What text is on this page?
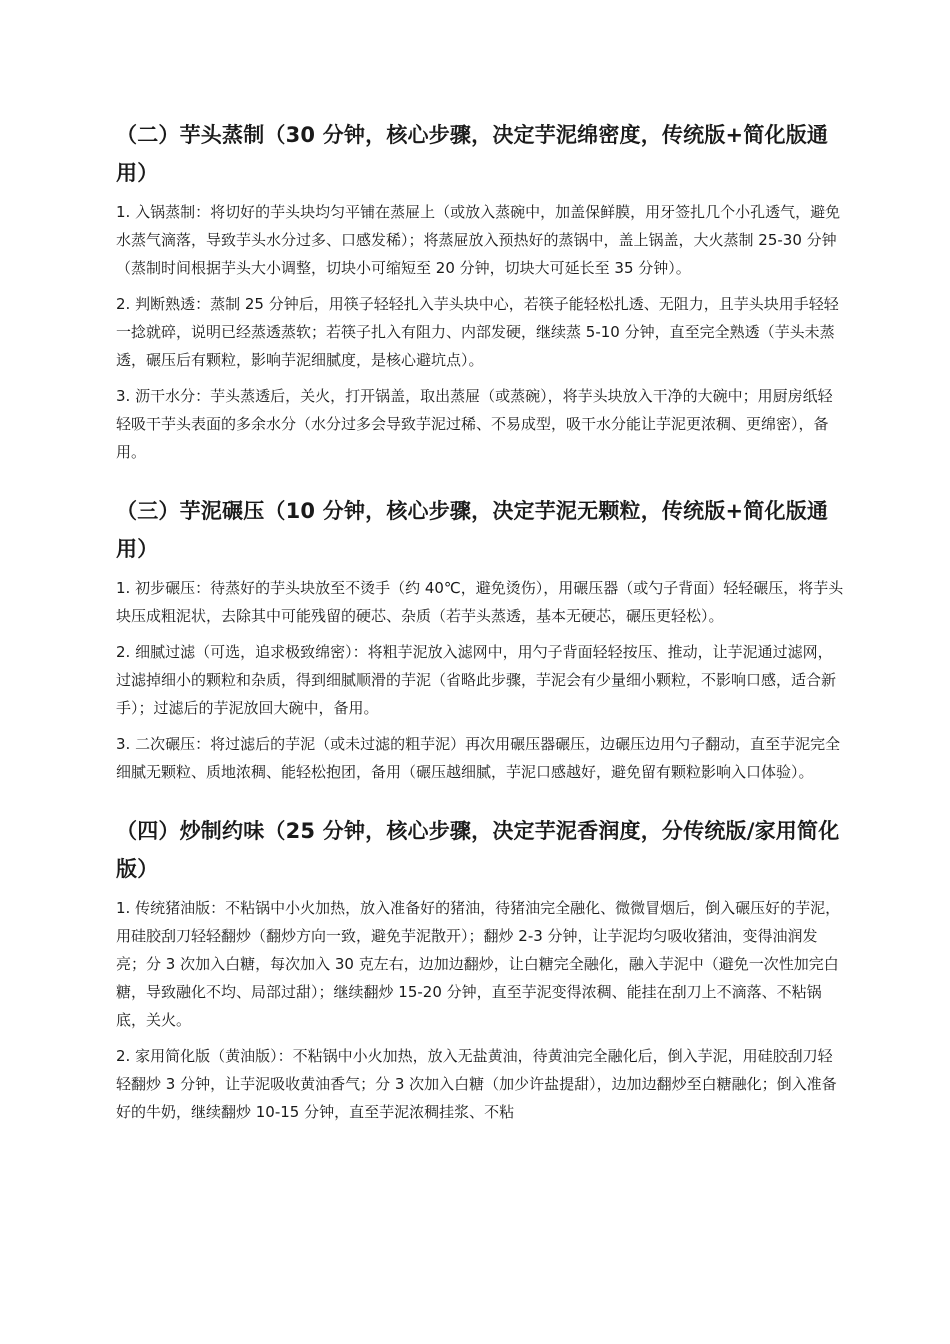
（二）芋头蒸制（30 分钟，核心步骤，决定芋泥绵密度，传统版+简化版通用）

1. 入锅蒸制：将切好的芋头块均匀平铺在蒸屉上（或放入蒸碗中，加盖保鲜膜，用牙签扎几个小孔透气，避免水蒸气滴落，导致芋头水分过多、口感发稀）；将蒸屉放入预热好的蒸锅中，盖上锅盖，大火蒸制 25-30 分钟（蒸制时间根据芋头大小调整，切块小可缩短至 20 分钟，切块大可延长至 35 分钟）。

2. 判断熟透：蒸制 25 分钟后，用筷子轻轻扎入芋头块中心，若筷子能轻松扎透、无阻力，且芋头块用手轻轻一捻就碎，说明已经蒸透蒸软；若筷子扎入有阻力、内部发硬，继续蒸 5-10 分钟，直至完全熟透（芋头未蒸透，碾压后有颗粒，影响芋泥细腻度，是核心避坑点）。

3. 沥干水分：芋头蒸透后，关火，打开锅盖，取出蒸屉（或蒸碗），将芋头块放入干净的大碗中；用厨房纸轻轻吸干芋头表面的多余水分（水分过多会导致芋泥过稀、不易成型，吸干水分能让芋泥更浓稠、更绵密），备用。

（三）芋泥碾压（10 分钟，核心步骤，决定芋泥无颗粒，传统版+简化版通用）

1. 初步碾压：待蒸好的芋头块放至不烫手（约 40℃，避免烫伤），用碾压器（或勺子背面）轻轻碾压，将芋头块压成粗泥状，去除其中可能残留的硬芯、杂质（若芋头蒸透，基本无硬芯，碾压更轻松）。

2. 细腻过滤（可选，追求极致绵密）：将粗芋泥放入滤网中，用勺子背面轻轻按压、推动，让芋泥通过滤网，过滤掉细小的颗粒和杂质，得到细腻顺滑的芋泥（省略此步骤，芋泥会有少量细小颗粒，不影响口感，适合新手）；过滤后的芋泥放回大碗中，备用。

3. 二次碾压：将过滤后的芋泥（或未过滤的粗芋泥）再次用碾压器碾压，边碾压边用勺子翻动，直至芋泥完全细腻无颗粒、质地浓稠、能轻松抱团，备用（碾压越细腻，芋泥口感越好，避免留有颗粒影响入口体验）。

（四）炒制约味（25 分钟，核心步骤，决定芋泥香润度，分传统版/家用简化版）

1. 传统猪油版：不粘锅中小火加热，放入准备好的猪油，待猪油完全融化、微微冒烟后，倒入碾压好的芋泥，用硅胶刮刀轻轻翻炒（翻炒方向一致，避免芋泥散开）；翻炒 2-3 分钟，让芋泥均匀吸收猪油，变得油润发亮；分 3 次加入白糖，每次加入 30 克左右，边加边翻炒，让白糖完全融化，融入芋泥中（避免一次性加完白糖，导致融化不均、局部过甜）；继续翻炒 15-20 分钟，直至芋泥变得浓稠、能挂在刮刀上不滴落、不粘锅底，关火。

2. 家用简化版（黄油版）：不粘锅中小火加热，放入无盐黄油，待黄油完全融化后，倒入芋泥，用硅胶刮刀轻轻翻炒 3 分钟，让芋泥吸收黄油香气；分 3 次加入白糖（加少许盐提甜），边加边翻炒至白糖融化；倒入准备好的牛奶，继续翻炒 10-15 分钟，直至芋泥浓稠挂浆、不粘
